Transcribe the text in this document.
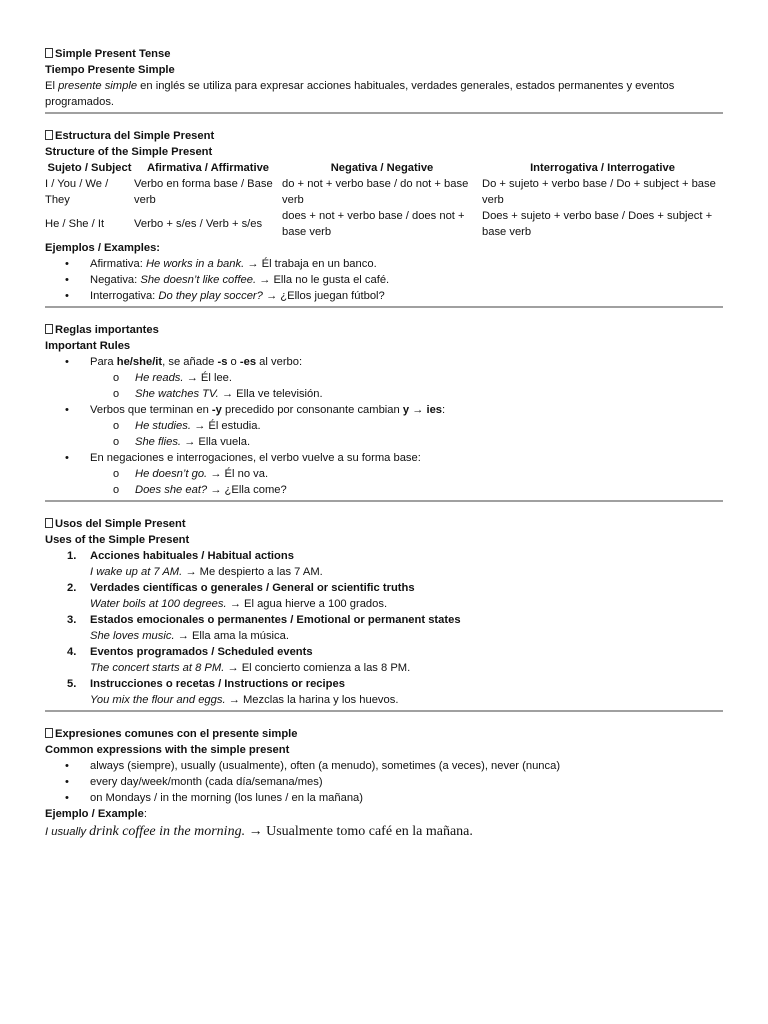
Simple Present Tense
Tiempo Presente Simple
El presente simple en inglés se utiliza para expresar acciones habituales, verdades generales, estados permanentes y eventos programados.
Estructura del Simple Present
Structure of the Simple Present
Sujeto / Subject	Afirmativa / Affirmative	Negativa / Negative	Interrogativa / Interrogative
I / You / We / They	Verbo en forma base / Base verb	do + not + verbo base / do not + base verb	Do + sujeto + verbo base / Do + subject + base verb
He / She / It	Verbo + s/es / Verb + s/es	does + not + verbo base / does not + base verb	Does + sujeto + verbo base / Does + subject + base verb
Ejemplos / Examples:
• Afirmativa: He works in a bank. → Él trabaja en un banco.
• Negativa: She doesn’t like coffee. → Ella no le gusta el café.
• Interrogativa: Do they play soccer? → ¿Ellos juegan fútbol?
Reglas importantes
Important Rules
• Para he/she/it, se añade -s o -es al verbo:
o He reads. → Él lee.
o She watches TV. → Ella ve televisión.
• Verbos que terminan en -y precedido por consonante cambian y → ies:
o He studies. → Él estudia.
o She flies. → Ella vuela.
• En negaciones e interrogaciones, el verbo vuelve a su forma base:
o He doesn’t go. → Él no va.
o Does she eat? → ¿Ella come?
Usos del Simple Present
Uses of the Simple Present
1. Acciones habituales / Habitual actions
I wake up at 7 AM. → Me despierto a las 7 AM.
2. Verdades científicas o generales / General or scientific truths
Water boils at 100 degrees. → El agua hierve a 100 grados.
3. Estados emocionales o permanentes / Emotional or permanent states
She loves music. → Ella ama la música.
4. Eventos programados / Scheduled events
The concert starts at 8 PM. → El concierto comienza a las 8 PM.
5. Instrucciones o recetas / Instructions or recipes
You mix the flour and eggs. → Mezclas la harina y los huevos.
Expresiones comunes con el presente simple
Common expressions with the simple present
• always (siempre), usually (usualmente), often (a menudo), sometimes (a veces), never (nunca)
• every day/week/month (cada día/semana/mes)
• on Mondays / in the morning (los lunes / en la mañana)
Ejemplo / Example:
I usually drink coffee in the morning. → Usualmente tomo café en la mañana.
